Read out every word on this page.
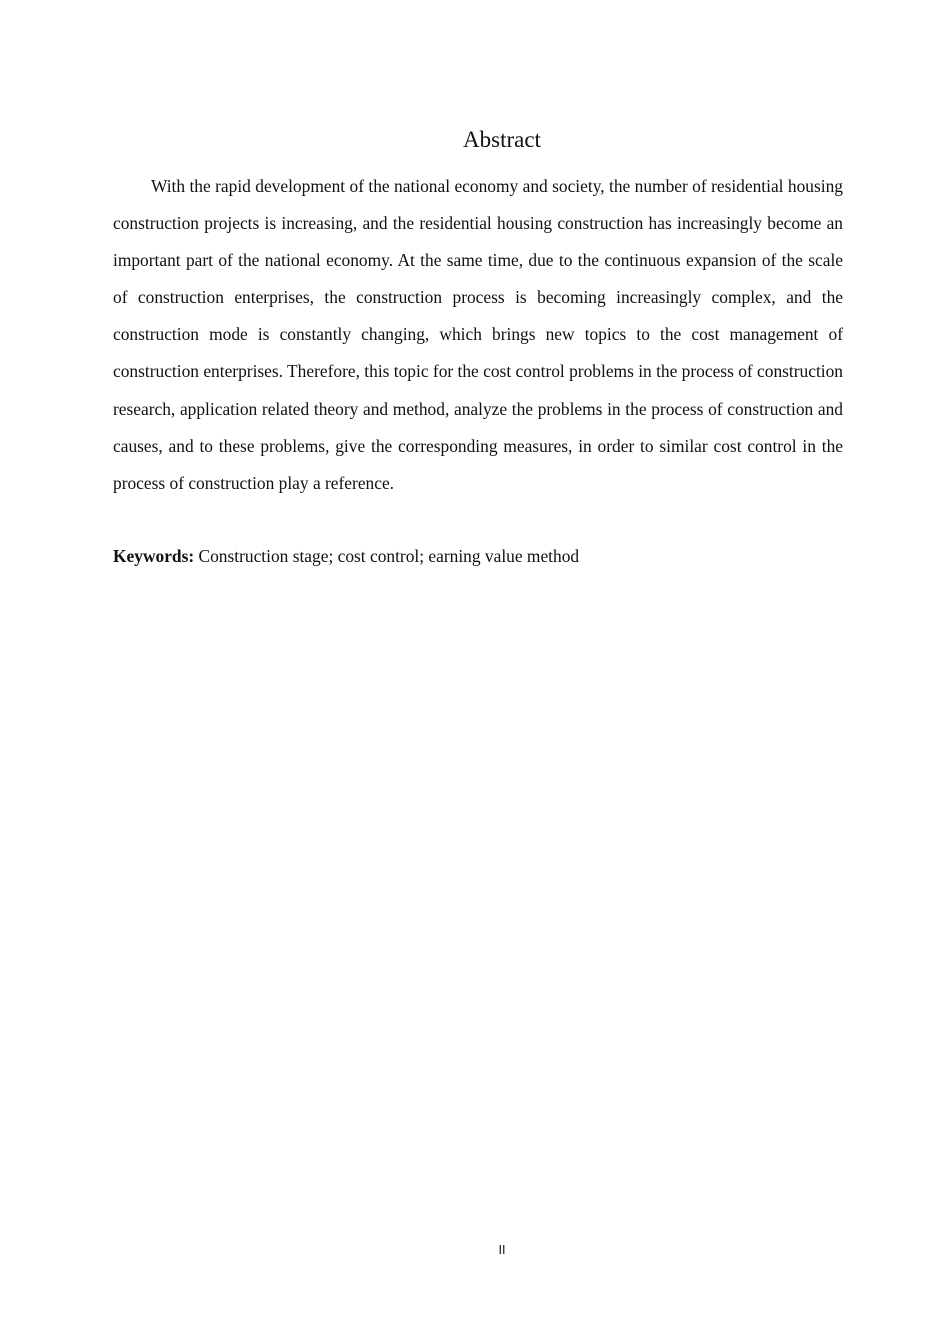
Abstract

With the rapid development of the national economy and society, the number of residential housing construction projects is increasing, and the residential housing construction has increasingly become an important part of the national economy. At the same time, due to the continuous expansion of the scale of construction enterprises, the construction process is becoming increasingly complex, and the construction mode is constantly changing, which brings new topics to the cost management of construction enterprises. Therefore, this topic for the cost control problems in the process of construction research, application related theory and method, analyze the problems in the process of construction and causes, and to these problems, give the corresponding measures, in order to similar cost control in the process of construction play a reference.

Keywords: Construction stage; cost control; earning value method

II
